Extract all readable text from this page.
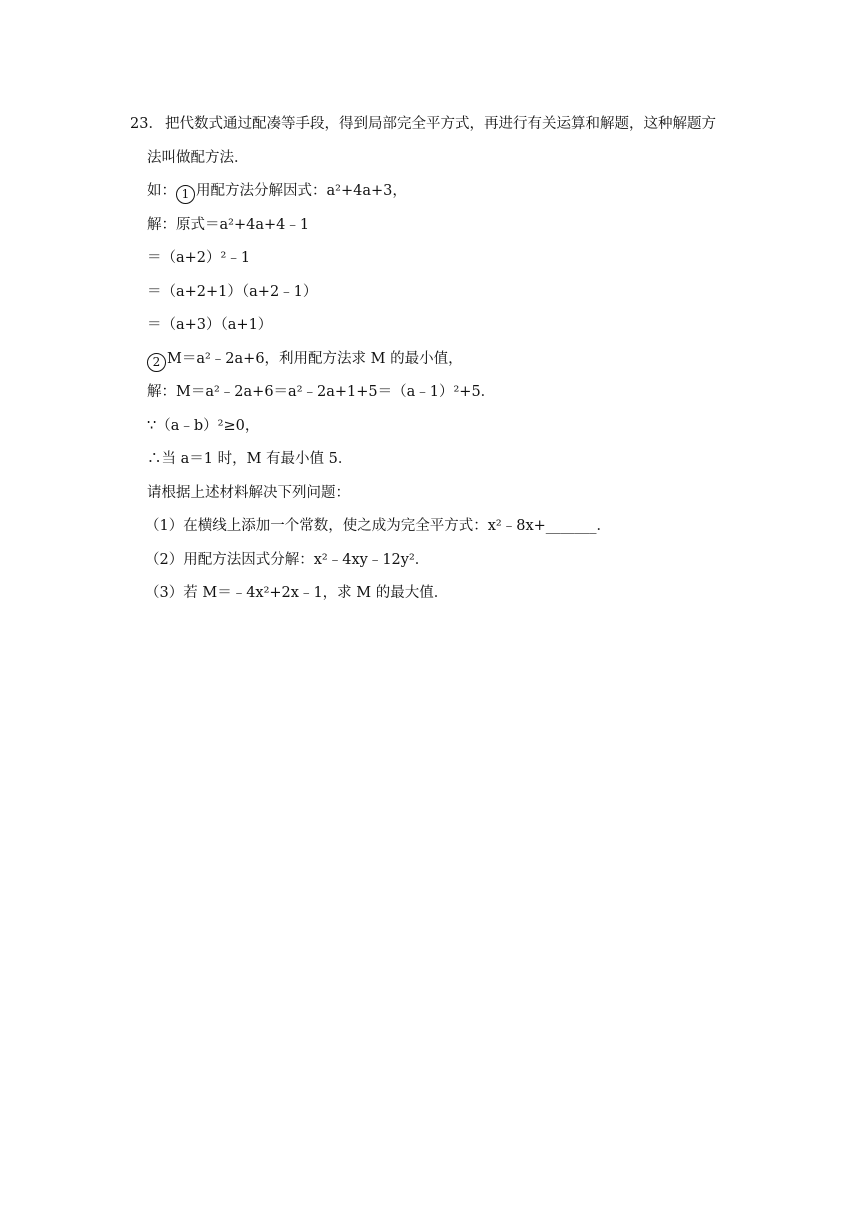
23． 把代数式通过配凑等手段，得到局部完全平方式，再进行有关运算和解题，这种解题方
法叫做配方法．
如： 1 用配方法分解因式：a²+4a+3，
解：原式＝a²+4a+4﹣1
＝（a+2）²﹣1
＝（a+2+1）（a+2﹣1）
＝（a+3）（a+1）
2 M＝a²﹣2a+6，利用配方法求 M 的最小值，
解：M＝a²﹣2a+6＝a²﹣2a+1+5＝（a﹣1）²+5．
∵（a﹣b）²≥0，
∴当 a＝1 时，M 有最小值 5．
请根据上述材料解决下列问题：
（1）在横线上添加一个常数，使之成为完全平方式：x²﹣8x+_______．
（2）用配方法因式分解：x²﹣4xy﹣12y²．
（3）若 M＝﹣4x²+2x﹣1，求 M 的最大值．
